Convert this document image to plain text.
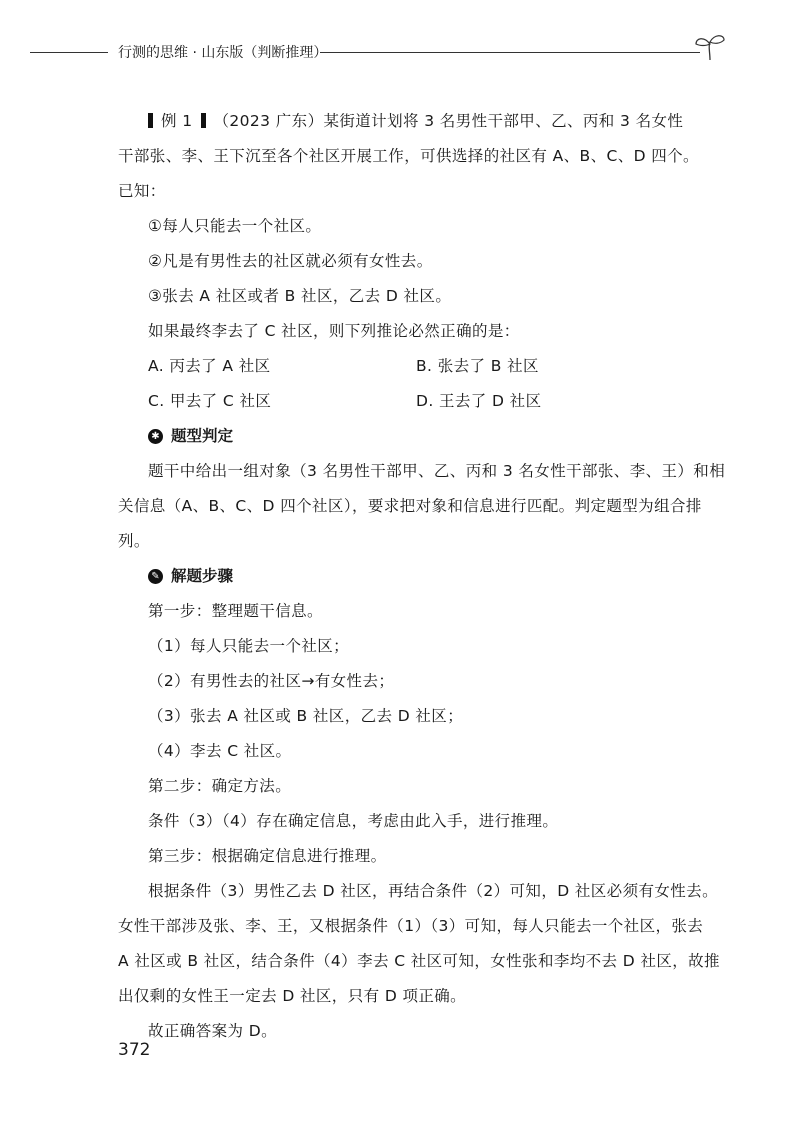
行测的思维 · 山东版（判断推理）
例 1 （2023 广东）某街道计划将 3 名男性干部甲、乙、丙和 3 名女性
干部张、李、王下沉至各个社区开展工作，可供选择的社区有 A、B、C、D 四个。
已知：
①每人只能去一个社区。
②凡是有男性去的社区就必须有女性去。
③张去 A 社区或者 B 社区，乙去 D 社区。
如果最终李去了 C 社区，则下列推论必然正确的是：
A. 丙去了 A 社区	B. 张去了 B 社区
C. 甲去了 C 社区	D. 王去了 D 社区
✱ 题型判定
题干中给出一组对象（3 名男性干部甲、乙、丙和 3 名女性干部张、李、王）和相
关信息（A、B、C、D 四个社区），要求把对象和信息进行匹配。判定题型为组合排列。
✎ 解题步骤
第一步：整理题干信息。
（1）每人只能去一个社区；
（2）有男性去的社区→有女性去；
（3）张去 A 社区或 B 社区，乙去 D 社区；
（4）李去 C 社区。
第二步：确定方法。
条件（3）（4）存在确定信息，考虑由此入手，进行推理。
第三步：根据确定信息进行推理。
根据条件（3）男性乙去 D 社区，再结合条件（2）可知，D 社区必须有女性去。
女性干部涉及张、李、王，又根据条件（1）（3）可知，每人只能去一个社区，张去
A 社区或 B 社区，结合条件（4）李去 C 社区可知，女性张和李均不去 D 社区，故推
出仅剩的女性王一定去 D 社区，只有 D 项正确。
故正确答案为 D。
372
